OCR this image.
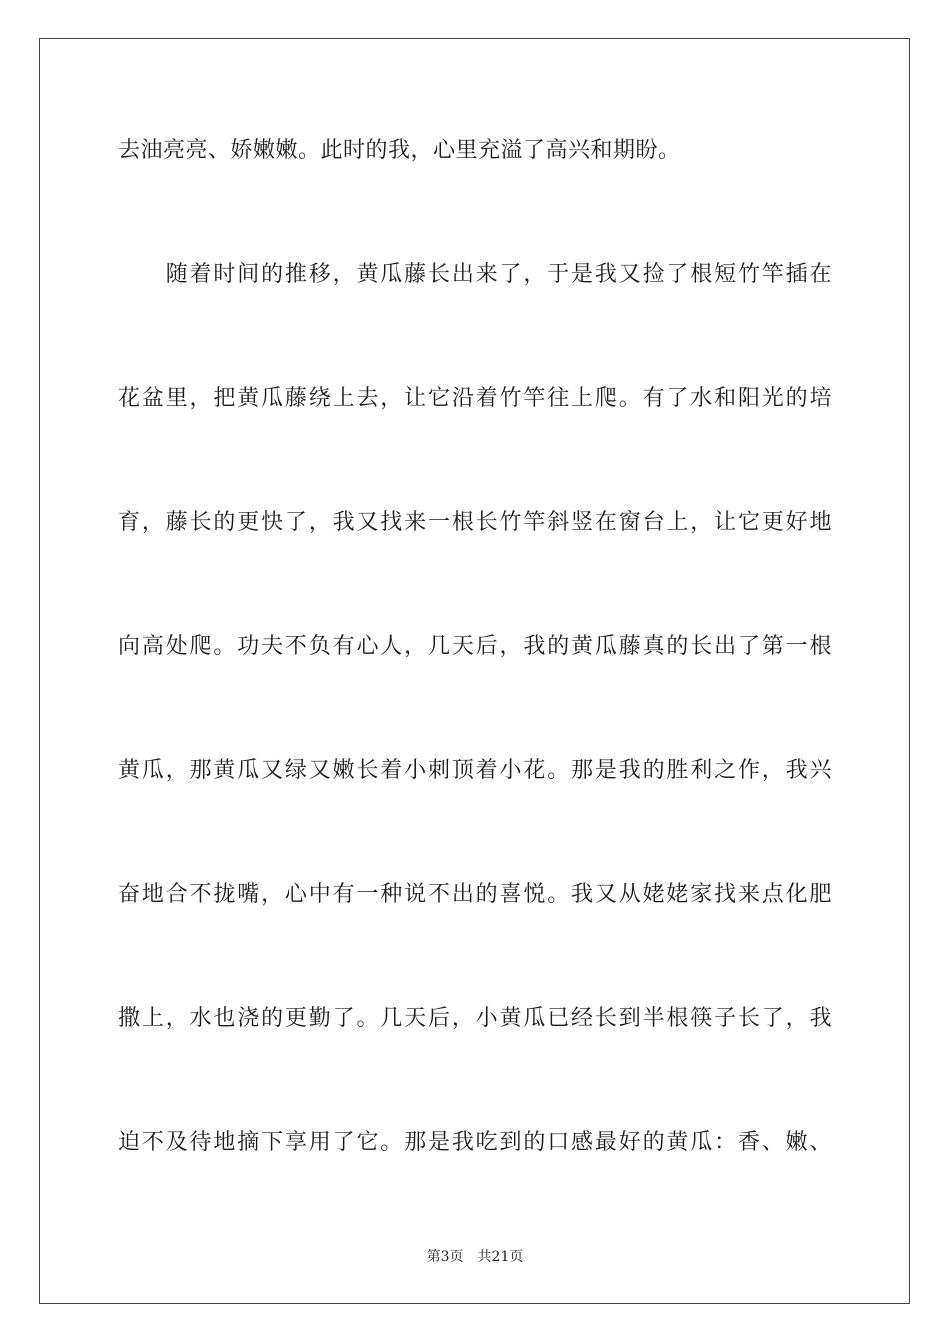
去油亮亮、娇嫩嫩。此时的我，心里充溢了高兴和期盼。
　　随着时间的推移，黄瓜藤长出来了，于是我又捡了根短竹竿插在
花盆里，把黄瓜藤绕上去，让它沿着竹竿往上爬。有了水和阳光的培
育，藤长的更快了，我又找来一根长竹竿斜竖在窗台上，让它更好地
向高处爬。功夫不负有心人，几天后，我的黄瓜藤真的长出了第一根
黄瓜，那黄瓜又绿又嫩长着小刺顶着小花。那是我的胜利之作，我兴
奋地合不拢嘴，心中有一种说不出的喜悦。我又从姥姥家找来点化肥
撒上，水也浇的更勤了。几天后，小黄瓜已经长到半根筷子长了，我
迫不及待地摘下享用了它。那是我吃到的口感最好的黄瓜：香、嫩、
第3页 共21页
